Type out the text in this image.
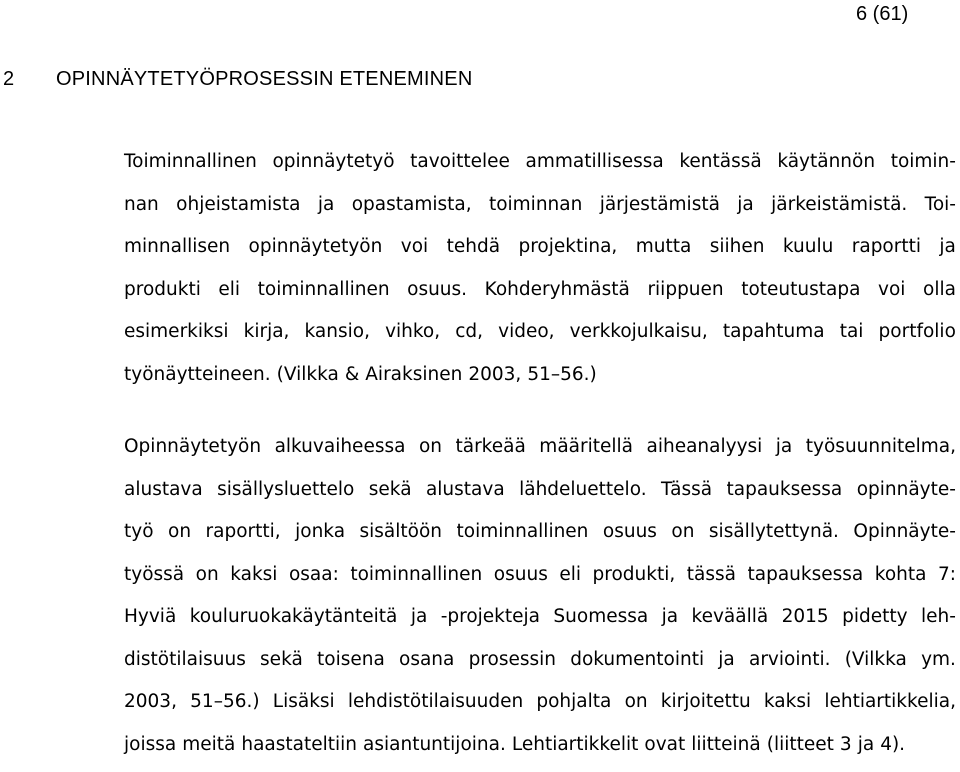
6 (61)
2 OPINNÄYTETYÖPROSESSIN ETENEMINEN
Toiminnallinen opinnäytetyö tavoittelee ammatillisessa kentässä käytännön toimin-
nan ohjeistamista ja opastamista, toiminnan järjestämistä ja järkeistämistä. Toi-
minnallisen opinnäytetyön voi tehdä projektina, mutta siihen kuulu raportti ja
produkti eli toiminnallinen osuus. Kohderyhmästä riippuen toteutustapa voi olla
esimerkiksi kirja, kansio, vihko, cd, video, verkkojulkaisu, tapahtuma tai portfolio
työnäytteineen. (Vilkka & Airaksinen 2003, 51–56.)
Opinnäytetyön alkuvaiheessa on tärkeää määritellä aiheanalyysi ja työsuunnitelma,
alustava sisällysluettelo sekä alustava lähdeluettelo. Tässä tapauksessa opinnäyte-
työ on raportti, jonka sisältöön toiminnallinen osuus on sisällytettynä. Opinnäyte-
työssä on kaksi osaa: toiminnallinen osuus eli produkti, tässä tapauksessa kohta 7:
Hyviä kouluruokakäytänteitä ja -projekteja Suomessa ja keväällä 2015 pidetty leh-
distötilaisuus sekä toisena osana prosessin dokumentointi ja arviointi. (Vilkka ym.
2003, 51–56.) Lisäksi lehdistötilaisuuden pohjalta on kirjoitettu kaksi lehtiartikkelia,
joissa meitä haastateltiin asiantuntijoina. Lehtiartikkelit ovat liitteinä (liitteet 3 ja 4).
